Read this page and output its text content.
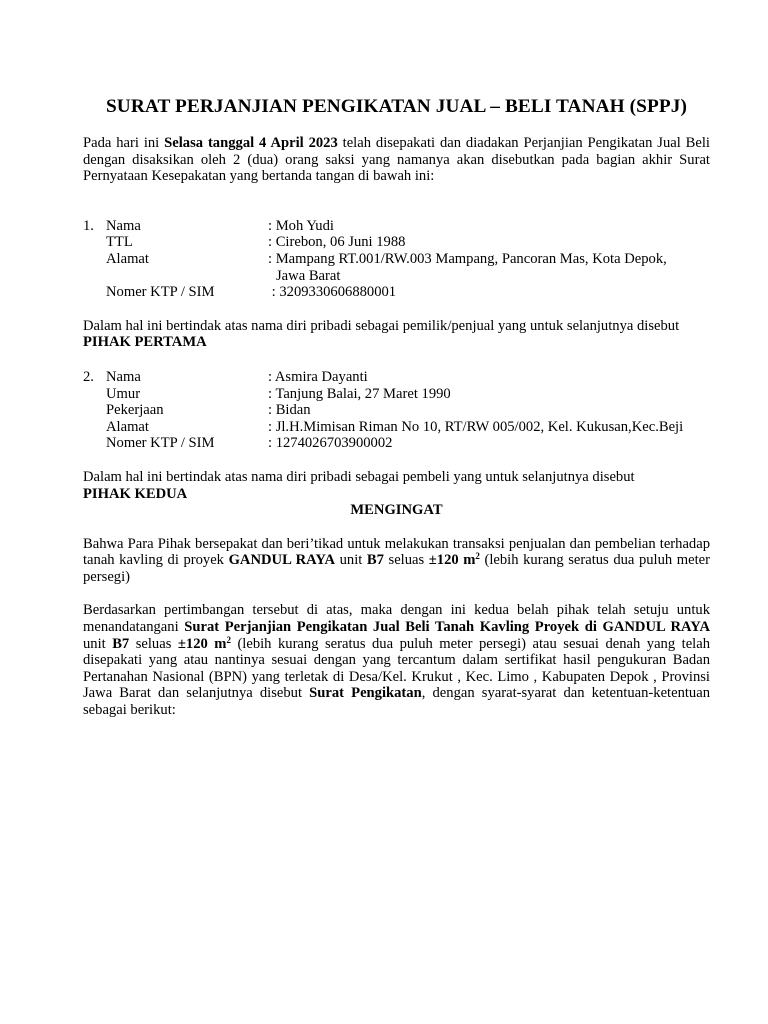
SURAT PERJANJIAN PENGIKATAN JUAL – BELI TANAH (SPPJ)

Pada hari ini Selasa tanggal 4 April 2023 telah disepakati dan diadakan Perjanjian Pengikatan Jual Beli dengan disaksikan oleh 2 (dua) orang saksi yang namanya akan disebutkan pada bagian akhir Surat Pernyataan Kesepakatan yang bertanda tangan di bawah ini:

1. Nama	: Moh Yudi
TTL	: Cirebon, 06 Juni 1988
Alamat	: Mampang RT.001/RW.003 Mampang, Pancoran Mas, Kota Depok,
Jawa Barat
Nomer KTP / SIM	: 3209330606880001

Dalam hal ini bertindak atas nama diri pribadi sebagai pemilik/penjual yang untuk selanjutnya disebut

PIHAK PERTAMA

2. Nama	: Asmira Dayanti
Umur	: Tanjung Balai, 27 Maret 1990
Pekerjaan	: Bidan
Alamat	: Jl.H.Mimisan Riman No 10, RT/RW 005/002, Kel. Kukusan,Kec.Beji
Nomer KTP / SIM	: 1274026703900002

Dalam hal ini bertindak atas nama diri pribadi sebagai pembeli yang untuk selanjutnya disebut

PIHAK KEDUA

MENGINGAT

Bahwa Para Pihak bersepakat dan beri’tikad untuk melakukan transaksi penjualan dan pembelian terhadap tanah kavling di proyek GANDUL RAYA unit B7 seluas ±120 $m^2$ (lebih kurang seratus dua puluh meter persegi)

Berdasarkan pertimbangan tersebut di atas, maka dengan ini kedua belah pihak telah setuju untuk menandatangani Surat Perjanjian Pengikatan Jual Beli Tanah Kavling Proyek di GANDUL RAYA unit B7 seluas ±120 $m^2$ (lebih kurang seratus dua puluh meter persegi) atau sesuai denah yang telah disepakati yang atau nantinya sesuai dengan yang tercantum dalam sertifikat hasil pengukuran Badan Pertanahan Nasional (BPN) yang terletak di Desa/Kel. Krukut , Kec. Limo , Kabupaten Depok , Provinsi Jawa Barat dan selanjutnya disebut Surat Pengikatan, dengan syarat-syarat dan ketentuan-ketentuan sebagai berikut:
